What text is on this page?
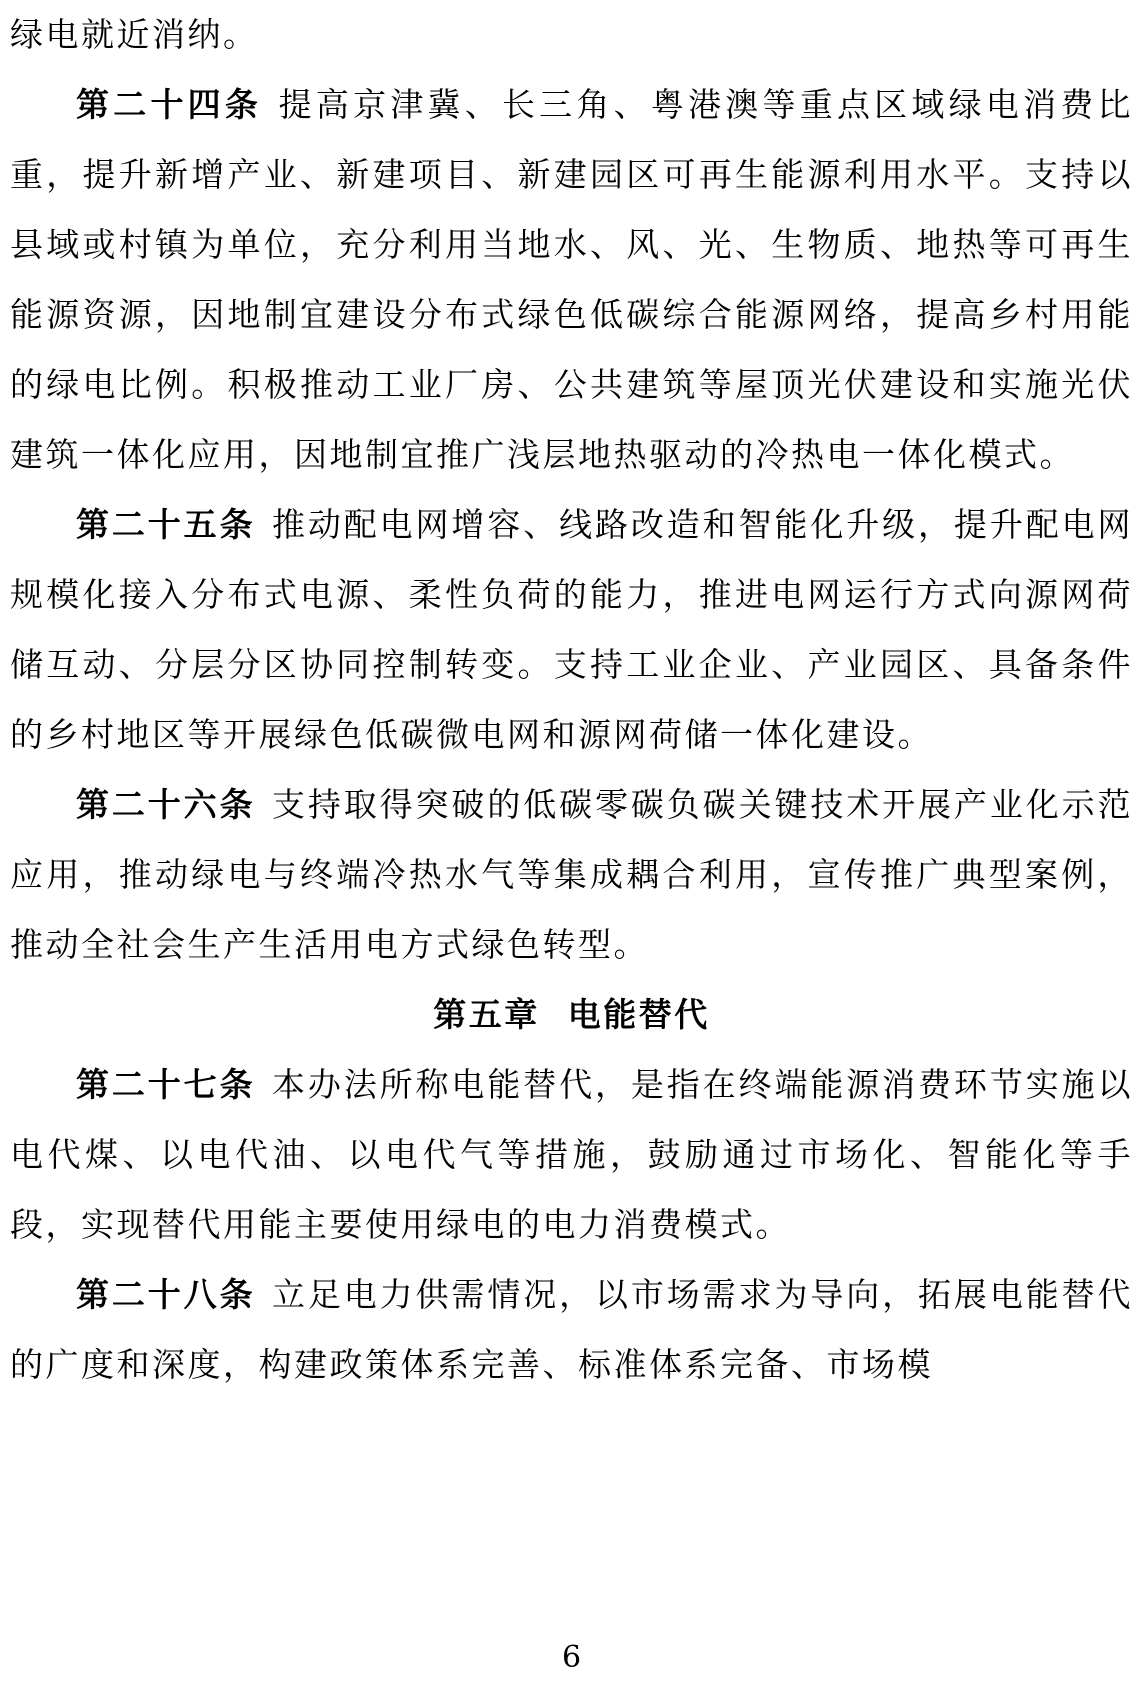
绿电就近消纳。

第二十四条 提高京津冀、长三角、粤港澳等重点区域绿电消费比重，提升新增产业、新建项目、新建园区可再生能源利用水平。支持以县域或村镇为单位，充分利用当地水、风、光、生物质、地热等可再生能源资源，因地制宜建设分布式绿色低碳综合能源网络，提高乡村用能的绿电比例。积极推动工业厂房、公共建筑等屋顶光伏建设和实施光伏建筑一体化应用，因地制宜推广浅层地热驱动的冷热电一体化模式。

第二十五条 推动配电网增容、线路改造和智能化升级，提升配电网规模化接入分布式电源、柔性负荷的能力，推进电网运行方式向源网荷储互动、分层分区协同控制转变。支持工业企业、产业园区、具备条件的乡村地区等开展绿色低碳微电网和源网荷储一体化建设。

第二十六条 支持取得突破的低碳零碳负碳关键技术开展产业化示范应用，推动绿电与终端冷热水气等集成耦合利用，宣传推广典型案例，推动全社会生产生活用电方式绿色转型。

第五章  电能替代

第二十七条 本办法所称电能替代，是指在终端能源消费环节实施以电代煤、以电代油、以电代气等措施，鼓励通过市场化、智能化等手段，实现替代用能主要使用绿电的电力消费模式。

第二十八条 立足电力供需情况，以市场需求为导向，拓展电能替代的广度和深度，构建政策体系完善、标准体系完备、市场模

6
